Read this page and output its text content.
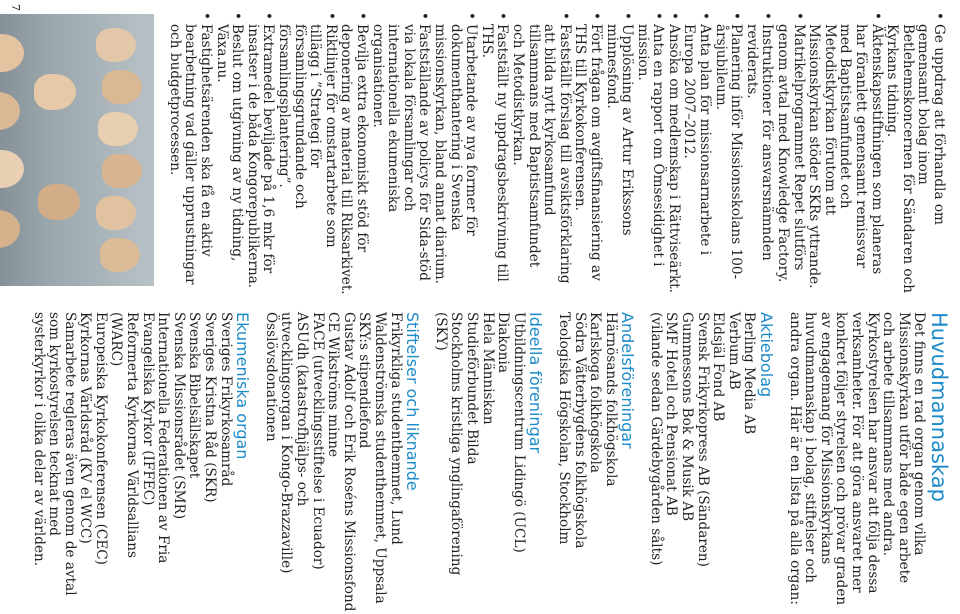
• Ge uppdrag att förhandla om gemensamt bolag inom Betlehemskoncernen för Sändaren och Kyrkans tidning.
• Äktenskapsstiftningen som planeras har föranlett gemensamt remissvar med Baptistsamfundet och Metodistkyrkan förutom att Missionskyrkan stöder SKRs yttrande.
• Matrikelprogrammet Repet slutförs genom avtal med Knowledge Factory.
• Instruktioner för ansvarsnämnden reviderats.
• Planering inför Missionsskolans 100-årsjubileum.
• Anta plan för missionsarnarbete i Europa 2007–2012.
• Ansöka om medlemskap i Rättviseärkt.
• Anta en rapport om Ömsesidighet i mission.
• Upplösning av Artur Erikssons minnesfond.
• Fört frågan om avgiftsfinansiering av THS till Kyrkokonferensen.
• Fastställt förslag till avsiktsförklaring att bilda nytt kyrkosamfund tillsammans med Baptistsamfundet och Metodistkyrkan.
• Fastställt ny uppdragsbeskrivning till THS.
• Utarbetande av nya former för dokumenthantering i Svenska missionskyrkan, bland annat diarium.
• Fastställande av policys för Sida-stöd via lokala församlingar och internationella ekumeniska organisationer.
• Bevilja extra ekonomiskt stöd för deponering av material till Riksarkivet.
• Riktlinjer för omstartarbete som tillägg i ”Strategi för församlingsgrundande och församlingsplantering”.
• Extramedel beviljade på 1,6 mkr för insatser i de båda Kongorepublikerna.
• Beslut om utgivning av ny tidning, Växa.nu.
• Fastighetsärenden ska få en aktiv bearbetning vad gäller upprustningar och budgetprocessen.
Huvudmannaskap

Det finns en rad organ genom vilka Missionskyrkan utför både egen arbete och arbete tillsammans med andra. Kyrkostyrelsen har ansvar att följa dessa verksamheter. För att göra ansvaret mer konkret följer styrelsen och prövar graden av engagemang för Missionskyrkans huvudmannaskap i bolag, stiftelser och andra organ. Här är en lista på alla organ:

Aktiebolag

Berling Media AB

Verbum AB

Eldsjäl Fond AB

Svensk Frikyrkopress AB (Sändaren)

Gummessons Bok & Musik AB

SMF Hotell och Pensionat AB

(vilande sedan Gärdebygården sålts)

Andelsföreningar

Härnösands folkhögskola

Karlskoga folkhögskola

Södra Vätterbygdens folkhögskola

Teologiska Högskolan, Stockholm

Ideella föreningar

Utbildningscentrum Lidingö (UCL)

Diakonia

Hela Människan

Studieförbundet Bilda

Stockholms kristliga ynglingaförening (SKY)

Stiftelser och liknande

Frikyrkliga studenthemmet, Lund

Waldenströmska studenthemmet, Uppsala

SKY:s stipendiefond

Gustav Adolf och Erik Roséns Missionsfond

CE Wikströms minne

FACE (utvecklingsstiftelse i Ecuador)

ASUdh (katastrofhjälps- och utvecklingsorgan i Kongo-Brazzaville)

Össlövsdonationen

Ekumeniska organ

Sveriges Frikyrkosamråd

Sveriges Kristna Råd (SKR)

Svenska Bibelsällskapet

Svenska Missionsrådet (SMR)

Internationella Federationen av Fria Evangeliska Kyrkor (IFFEC)

Reformerta Kyrkornas Världsallians (WARC)

Europeiska Kyrkokonferensen (CEC)

Kyrkornas Världsråd (KV el WCC)

Samarbete regleras även genom de avtal som kyrkostyrelsen tecknat med systerkyrkor i olika delar av världen.

7
